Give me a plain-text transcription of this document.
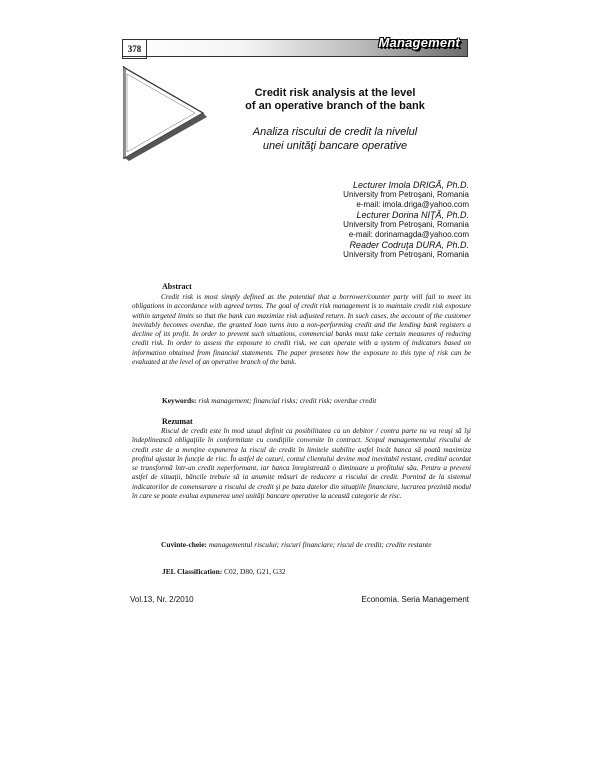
378	Management
Credit risk analysis at the level
of an operative branch of the bank
Analiza riscului de credit la nivelul
unei unităţi bancare operative
Lecturer Imola DRIGĂ, Ph.D.
University from Petroşani, Romania
e-mail: imola.driga@yahoo.com
Lecturer Dorina NIŢĂ, Ph.D.
University from Petroşani, Romania
e-mail: dorinamagda@yahoo.com
Reader Codruţa DURA, Ph.D.
University from Petroşani, Romania
Abstract
Credit risk is most simply defined as the potential that a borrower/counter party will fail to meet its obligations in accordance with agreed terms. The goal of credit risk management is to maintain credit risk exposure within targeted limits so that the bank can maximize risk adjusted return. In such cases, the account of the customer inevitably becomes overdue, the granted loan turns into a non-performing credit and the lending bank registers a decline of its profit. In order to prevent such situations, commercial banks must take certain measures of reducing credit risk. In order to assess the exposure to credit risk, we can operate with a system of indicators based on information obtained from financial statements. The paper presents how the exposure to this type of risk can be evaluated at the level of an operative branch of the bank.
Keywords: risk management; financial risks; credit risk; overdue credit
Rezumat
Riscul de credit este în mod uzual definit ca posibilitatea ca un debitor / contra parte nu va reuşi să îşi îndeplinească obligaţiile în conformitate cu condiţiile convenite în contract. Scopul managementului riscului de credit este de a menţine expunerea la riscul de credit în limitele stabilite astfel încât banca să poată maximiza profitul ajustat în funcţie de risc. În astfel de cazuri, contul clientului devine mod inevitabil restant, creditul acordat se transformă într-un credit neperformant, iar banca înregistrează o diminuare a profitului său. Pentru a preveni astfel de situaţii, băncile trebuie să ia anumite măsuri de reducere a riscului de credit. Pornind de la sistemul indicatorilor de comensurare a riscului de credit şi pe baza datelor din situaţiile financiare, lucrarea prezintă modul în care se poate evalua expunerea unei unităţi bancare operative la această categorie de risc.
Cuvinte-cheie: managementul riscului; riscuri financiare; riscul de credit; credite restante
JEL Classification: C02, D80, G21, G32
Vol.13, Nr. 2/2010	Economia. Seria Management
